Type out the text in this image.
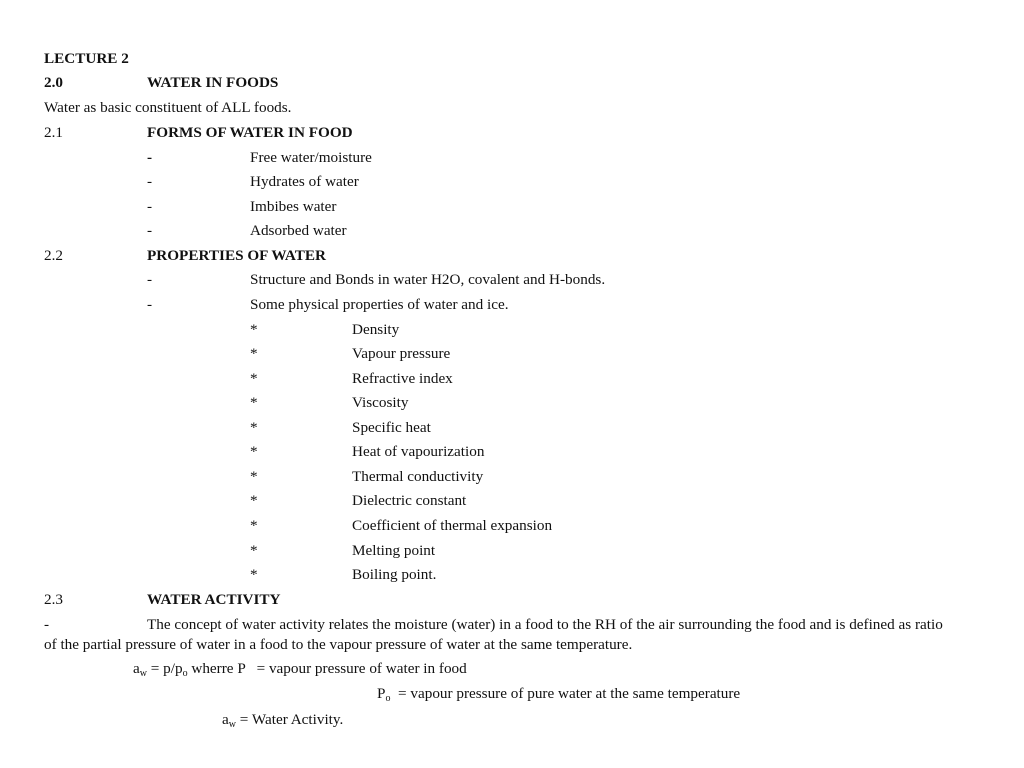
LECTURE 2
2.0	WATER IN FOODS
Water as basic constituent of ALL foods.
2.1	FORMS OF WATER IN FOOD
-	Free water/moisture
-	Hydrates of water
-	Imbibes water
-	Adsorbed water
2.2	PROPERTIES OF WATER
-	Structure and Bonds in water H2O, covalent and H-bonds.
-	Some physical properties of water and ice.
*	Density
*	Vapour pressure
*	Refractive index
*	Viscosity
*	Specific heat
*	Heat of vapourization
*	Thermal conductivity
*	Dielectric constant
*	Coefficient of thermal expansion
*	Melting point
*	Boiling point.
2.3	WATER ACTIVITY
-	The concept of water activity relates the moisture (water) in a food to the RH of the air surrounding the food and is defined as ratio of the partial pressure of water in a food to the vapour pressure of water at the same temperature.
$a_w = p/p_o$ wherre P   = vapour pressure of water in food
$P_o$  = vapour pressure of pure water at the same temperature
$a_w$ = Water Activity.
